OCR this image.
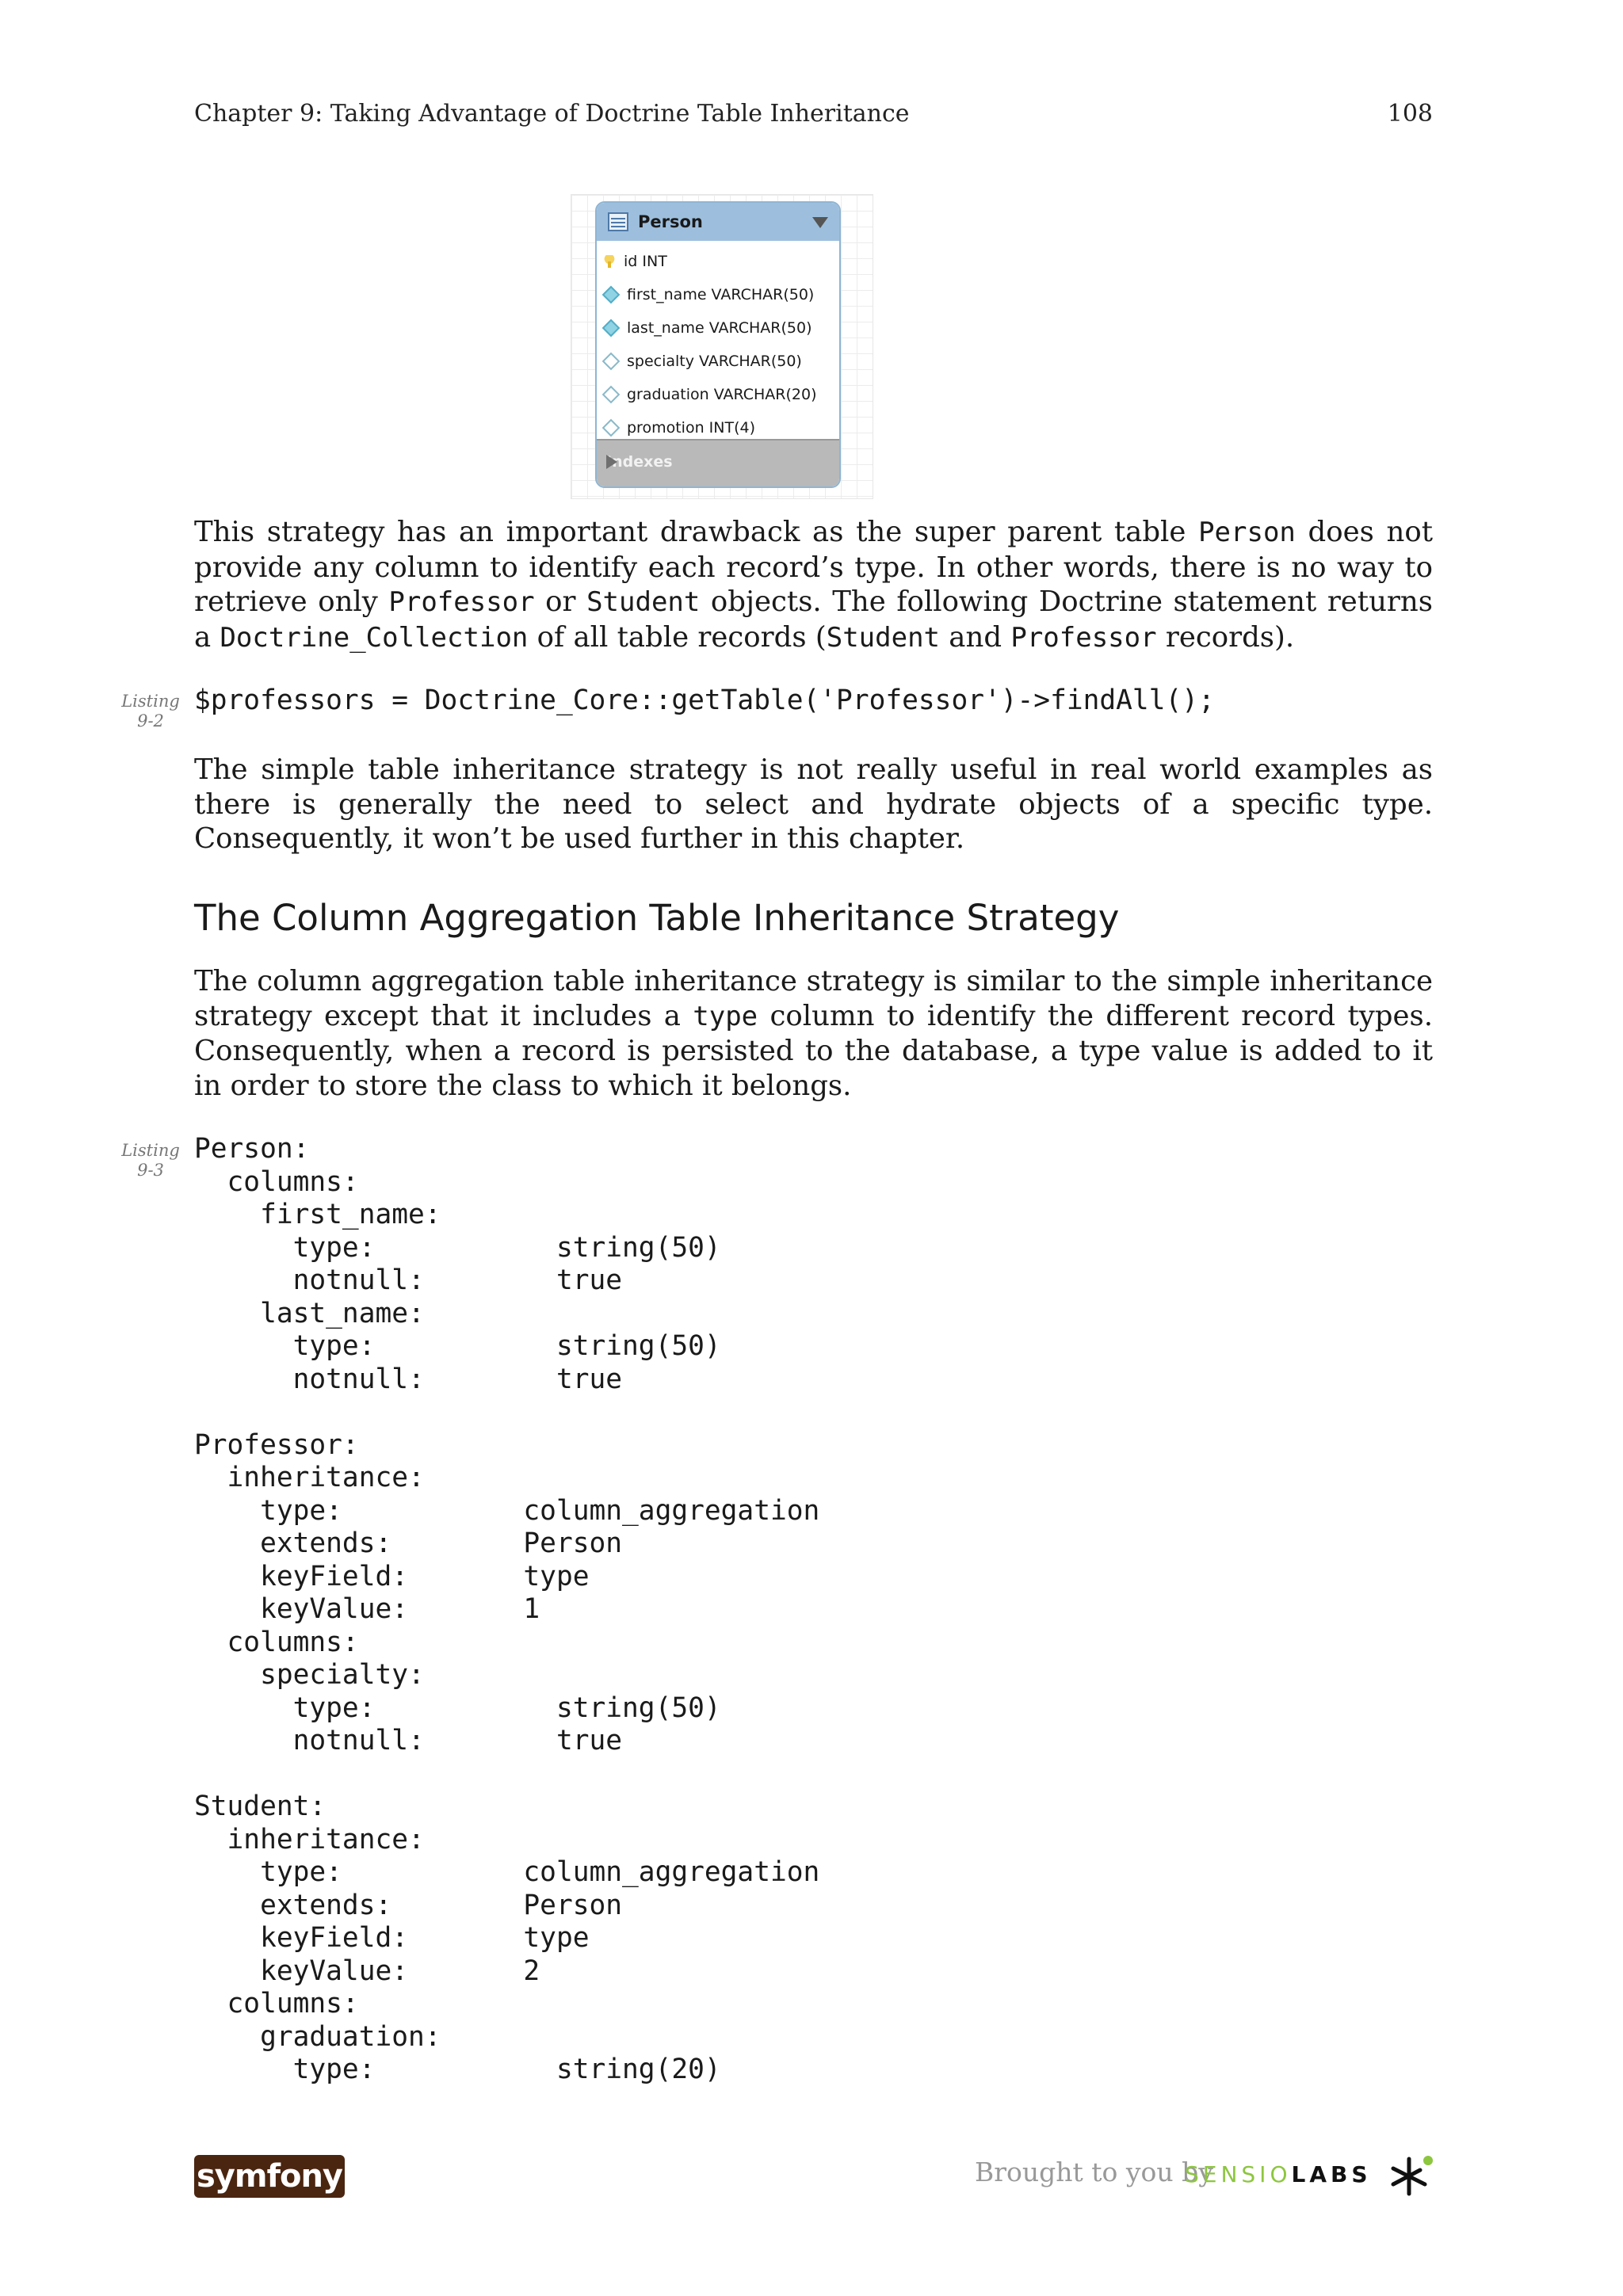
Chapter 9: Taking Advantage of Doctrine Table Inheritance	108
Person
id INT
first_name VARCHAR(50)
last_name VARCHAR(50)
specialty VARCHAR(50)
graduation VARCHAR(20)
promotion INT(4)
Indexes

This strategy has an important drawback as the super parent table Person does not provide any column to identify each record’s type. In other words, there is no way to retrieve only Professor or Student objects. The following Doctrine statement returns a Doctrine_Collection of all table records (Student and Professor records).

Listing
9-2
$professors = Doctrine_Core::getTable('Professor')->findAll();

The simple table inheritance strategy is not really useful in real world examples as there is generally the need to select and hydrate objects of a specific type. Consequently, it won’t be used further in this chapter.

The Column Aggregation Table Inheritance Strategy

The column aggregation table inheritance strategy is similar to the simple inheritance strategy except that it includes a type column to identify the different record types. Consequently, when a record is persisted to the database, a type value is added to it in order to store the class to which it belongs.

Listing
9-3
Person:
columns:
first_name:
type:           string(50)
notnull:        true
last_name:
type:           string(50)
notnull:        true

Professor:
inheritance:
type:           column_aggregation
extends:        Person
keyField:       type
keyValue:       1
columns:
specialty:
type:           string(50)
notnull:        true

Student:
inheritance:
type:           column_aggregation
extends:        Person
keyField:       type
keyValue:       2
columns:
graduation:
type:           string(20)
symfony	Brought to you by
SENSIOLABS
